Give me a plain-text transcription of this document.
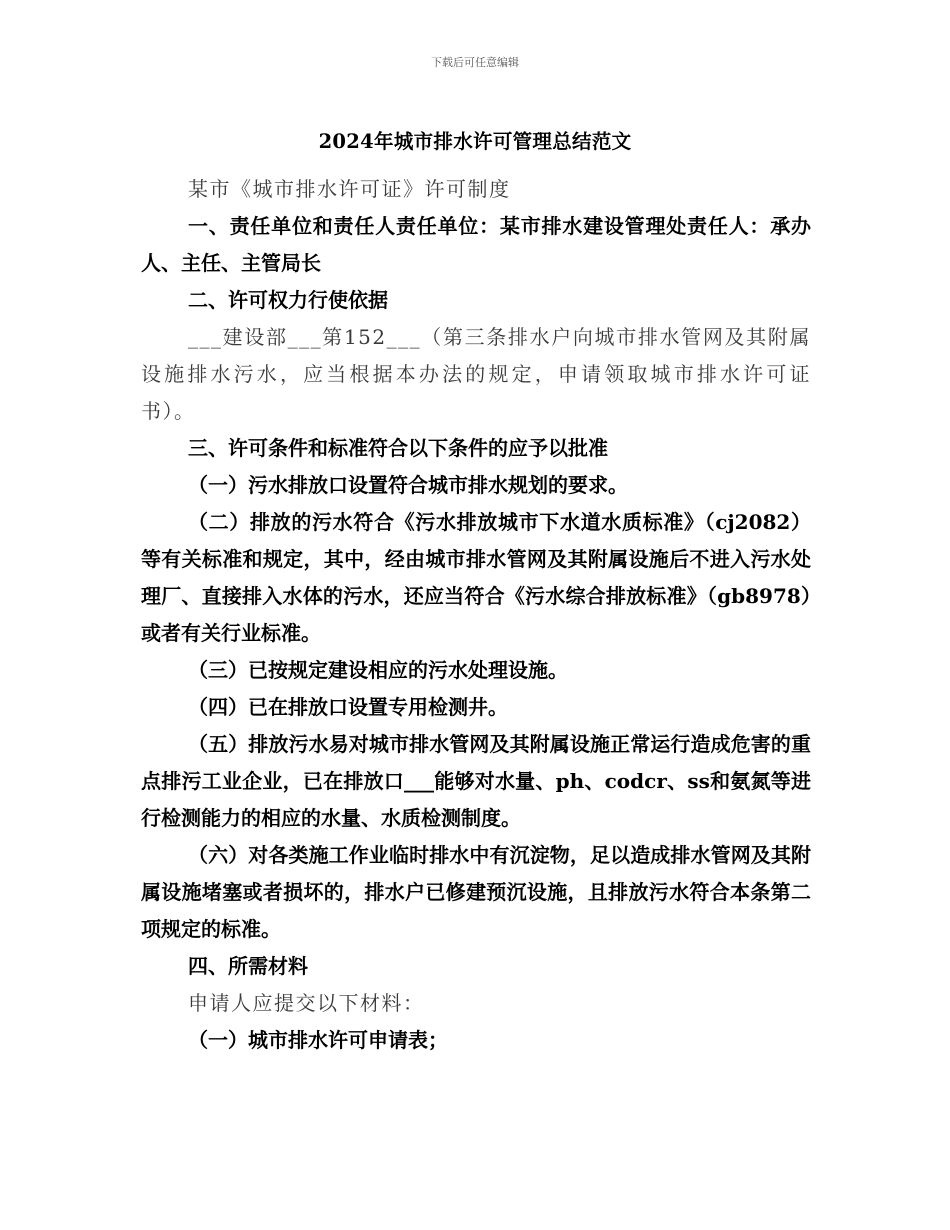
下载后可任意编辑
2024年城市排水许可管理总结范文

某市《城市排水许可证》许可制度

一、责任单位和责任人责任单位：某市排水建设管理处责任人：承办人、主任、主管局长

二、许可权力行使依据

___建设部___第152___（第三条排水户向城市排水管网及其附属设施排水污水，应当根据本办法的规定，申请领取城市排水许可证书）。

三、许可条件和标准符合以下条件的应予以批准

（一）污水排放口设置符合城市排水规划的要求。

（二）排放的污水符合《污水排放城市下水道水质标准》（cj2082）等有关标准和规定，其中，经由城市排水管网及其附属设施后不进入污水处理厂、直接排入水体的污水，还应当符合《污水综合排放标准》（gb8978）或者有关行业标准。

（三）已按规定建设相应的污水处理设施。

（四）已在排放口设置专用检测井。

（五）排放污水易对城市排水管网及其附属设施正常运行造成危害的重点排污工业企业，已在排放口___能够对水量、ph、codcr、ss和氨氮等进行检测能力的相应的水量、水质检测制度。

（六）对各类施工作业临时排水中有沉淀物，足以造成排水管网及其附属设施堵塞或者损坏的，排水户已修建预沉设施，且排放污水符合本条第二项规定的标准。

四、所需材料

申请人应提交以下材料：

（一）城市排水许可申请表；
